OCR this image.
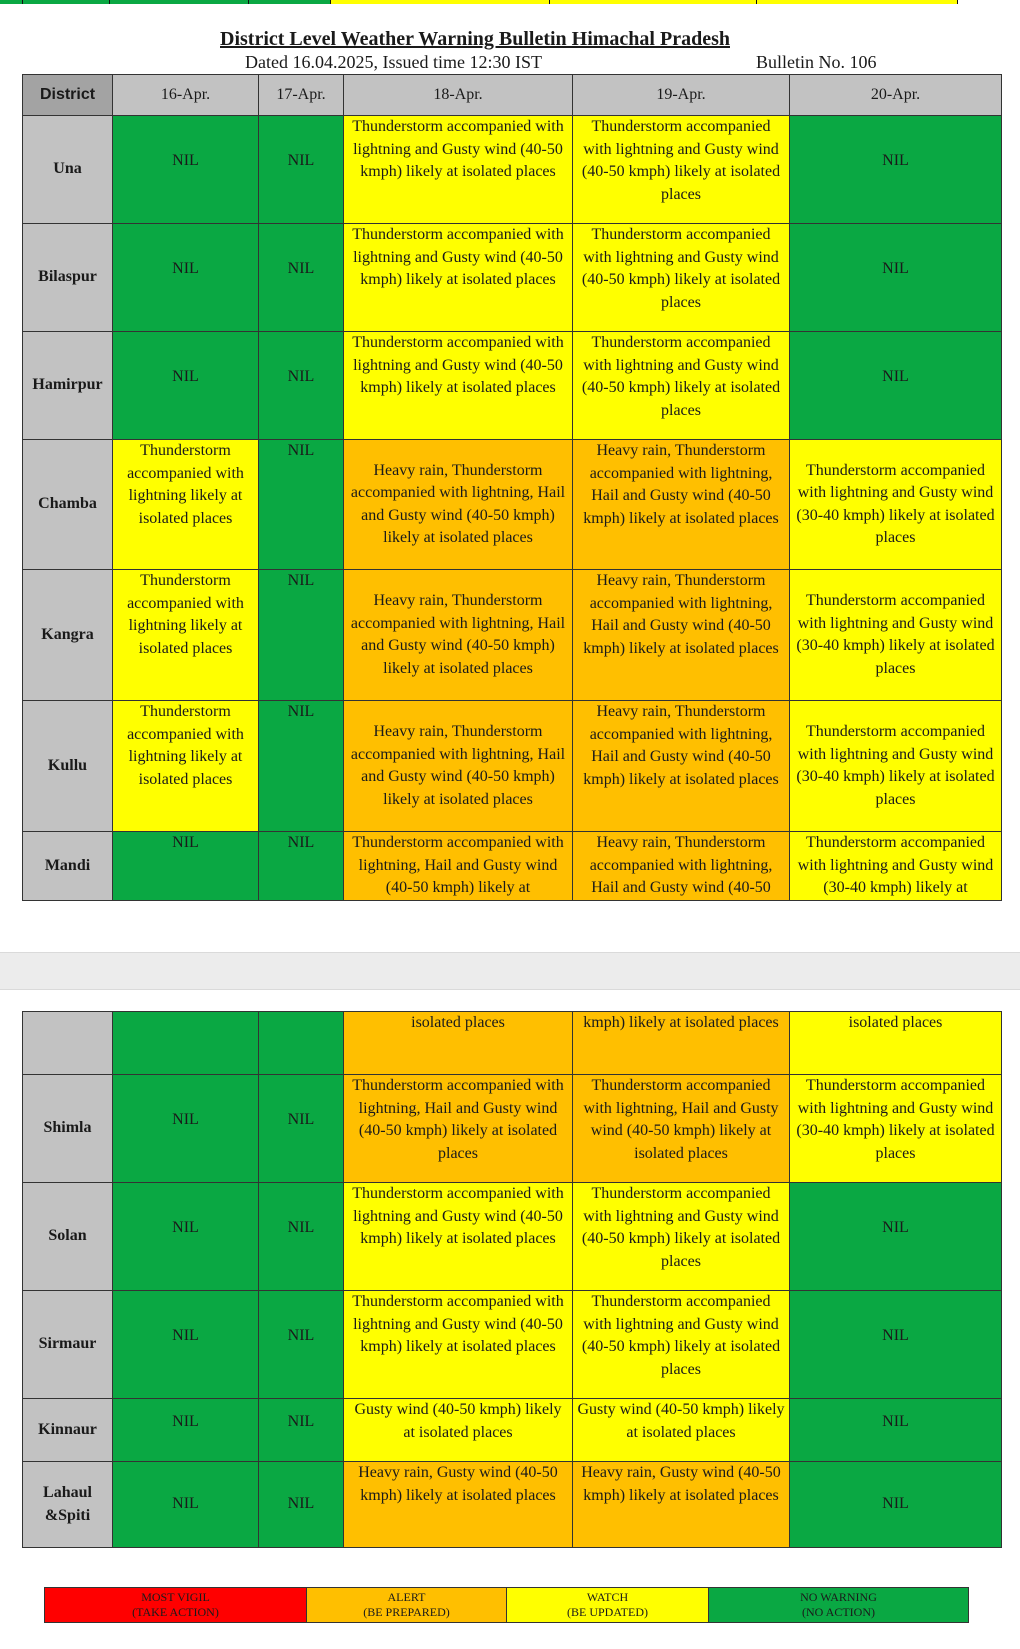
District Level Weather Warning Bulletin Himachal Pradesh
Dated 16.04.2025, Issued time 12:30 IST	Bulletin No. 106
District	16-Apr.	17-Apr.	18-Apr.	19-Apr.	20-Apr.
Una	NIL	NIL	Thunderstorm accompanied with lightning and Gusty wind (40-50 kmph) likely at isolated places	Thunderstorm accompanied with lightning and Gusty wind (40-50 kmph) likely at isolated places	NIL
Bilaspur	NIL	NIL	Thunderstorm accompanied with lightning and Gusty wind (40-50 kmph) likely at isolated places	Thunderstorm accompanied with lightning and Gusty wind (40-50 kmph) likely at isolated places	NIL
Hamirpur	NIL	NIL	Thunderstorm accompanied with lightning and Gusty wind (40-50 kmph) likely at isolated places	Thunderstorm accompanied with lightning and Gusty wind (40-50 kmph) likely at isolated places	NIL
Chamba	Thunderstorm accompanied with lightning likely at isolated places	NIL	Heavy rain, Thunderstorm accompanied with lightning, Hail and Gusty wind (40-50 kmph) likely at isolated places	Heavy rain, Thunderstorm accompanied with lightning, Hail and Gusty wind (40-50 kmph) likely at isolated places	Thunderstorm accompanied with lightning and Gusty wind (30-40 kmph) likely at isolated places
Kangra	Thunderstorm accompanied with lightning likely at isolated places	NIL	Heavy rain, Thunderstorm accompanied with lightning, Hail and Gusty wind (40-50 kmph) likely at isolated places	Heavy rain, Thunderstorm accompanied with lightning, Hail and Gusty wind (40-50 kmph) likely at isolated places	Thunderstorm accompanied with lightning and Gusty wind (30-40 kmph) likely at isolated places
Kullu	Thunderstorm accompanied with lightning likely at isolated places	NIL	Heavy rain, Thunderstorm accompanied with lightning, Hail and Gusty wind (40-50 kmph) likely at isolated places	Heavy rain, Thunderstorm accompanied with lightning, Hail and Gusty wind (40-50 kmph) likely at isolated places	Thunderstorm accompanied with lightning and Gusty wind (30-40 kmph) likely at isolated places
Mandi	NIL	NIL	Thunderstorm accompanied with lightning, Hail and Gusty wind (40-50 kmph) likely at	Heavy rain, Thunderstorm accompanied with lightning, Hail and Gusty wind (40-50	Thunderstorm accompanied with lightning and Gusty wind (30-40 kmph) likely at
			isolated places	kmph) likely at isolated places	isolated places
Shimla	NIL	NIL	Thunderstorm accompanied with lightning, Hail and Gusty wind (40-50 kmph) likely at isolated places	Thunderstorm accompanied with lightning, Hail and Gusty wind (40-50 kmph) likely at isolated places	Thunderstorm accompanied with lightning and Gusty wind (30-40 kmph) likely at isolated places
Solan	NIL	NIL	Thunderstorm accompanied with lightning and Gusty wind (40-50 kmph) likely at isolated places	Thunderstorm accompanied with lightning and Gusty wind (40-50 kmph) likely at isolated places	NIL
Sirmaur	NIL	NIL	Thunderstorm accompanied with lightning and Gusty wind (40-50 kmph) likely at isolated places	Thunderstorm accompanied with lightning and Gusty wind (40-50 kmph) likely at isolated places	NIL
Kinnaur	NIL	NIL	Gusty wind (40-50 kmph) likely at isolated places	Gusty wind (40-50 kmph) likely at isolated places	NIL
Lahaul &Spiti	NIL	NIL	Heavy rain, Gusty wind (40-50 kmph) likely at isolated places	Heavy rain, Gusty wind (40-50 kmph) likely at isolated places	NIL
MOST VIGIL
(TAKE ACTION)

ALERT
(BE PREPARED)

WATCH
(BE UPDATED)

NO WARNING
(NO ACTION)
